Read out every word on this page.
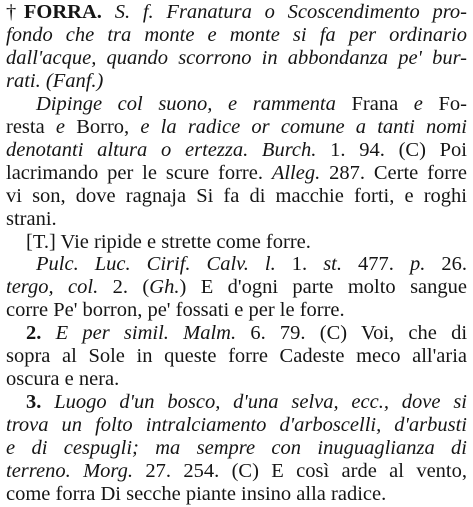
†FORRA. S. f. Franatura o Scoscendimento pro-
fondo che tra monte e monte si fa per ordinario
dall'acque, quando scorrono in abbondanza pe' bur-
rati. (Fanf.)
Dipinge col suono, e rammenta Frana e Fo-
resta e Borro, e la radice or comune a tanti nomi
denotanti altura o ertezza. Burch. 1. 94. (C) Poi
lacrimando per le scure forre. Alleg. 287. Certe forre
vi son, dove ragnaja Si fa di macchie forti, e roghi
strani.
[T.] Vie ripide e strette come forre.
Pulc. Luc. Cirif. Calv. l. 1. st. 477. p. 26.
tergo, col. 2. (Gh.) E d'ogni parte molto sangue
corre Pe' borron, pe' fossati e per le forre.
2. E per simil. Malm. 6. 79. (C) Voi, che di
sopra al Sole in queste forre Cadeste meco all'aria
oscura e nera.
3. Luogo d'un bosco, d'una selva, ecc., dove si
trova un folto intralciamento d'arboscelli, d'arbusti
e di cespugli; ma sempre con inuguaglianza di
terreno. Morg. 27. 254. (C) E così arde al vento,
come forra Di secche piante insino alla radice.
